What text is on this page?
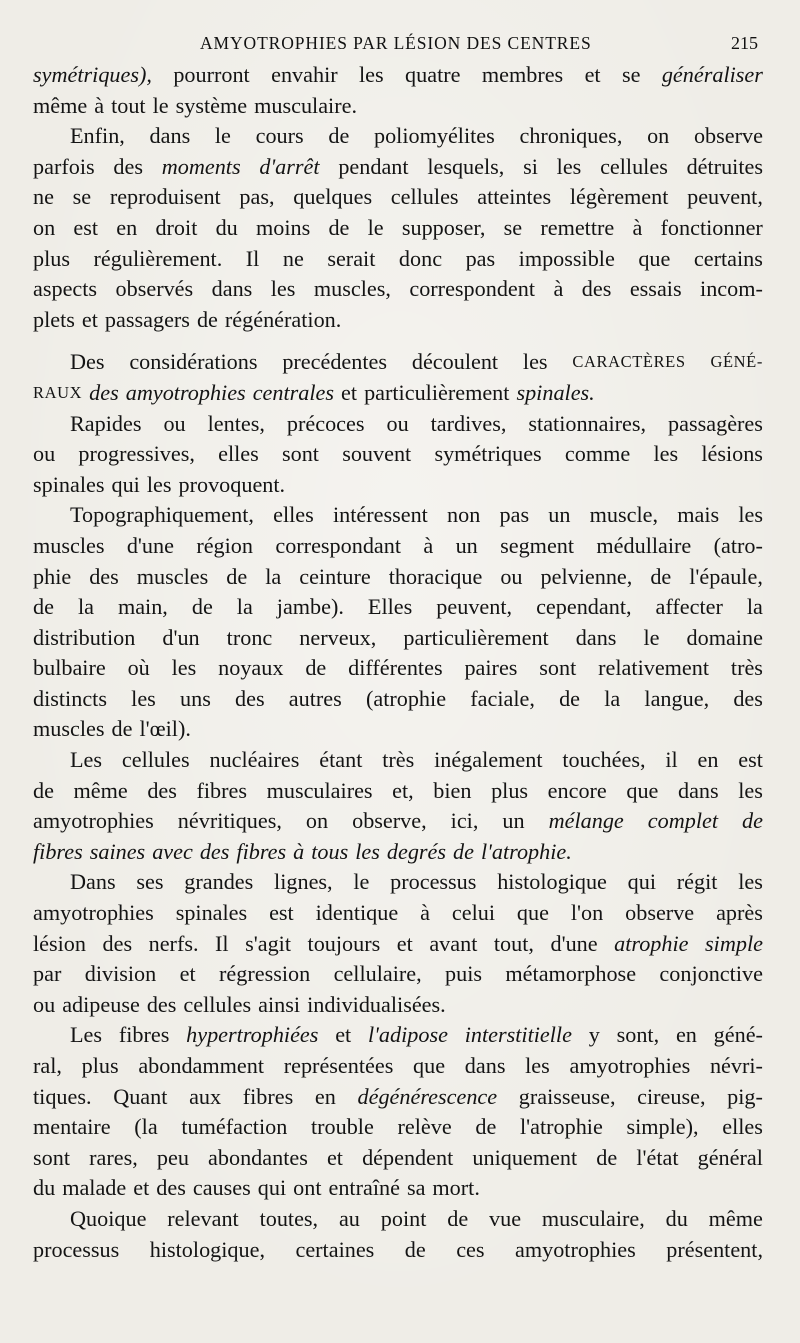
AMYOTROPHIES PAR LÉSION DES CENTRES	215
symétriques), pourront envahir les quatre membres et se généraliser
même à tout le système musculaire.
Enfin, dans le cours de poliomyélites chroniques, on observe
parfois des moments d'arrêt pendant lesquels, si les cellules détruites
ne se reproduisent pas, quelques cellules atteintes légèrement peuvent,
on est en droit du moins de le supposer, se remettre à fonctionner
plus régulièrement. Il ne serait donc pas impossible que certains
aspects observés dans les muscles, correspondent à des essais incom-
plets et passagers de régénération.
Des considérations precédentes découlent les CARACTÈRES GÉNÉ-
RAUX des amyotrophies centrales et particulièrement spinales.
Rapides ou lentes, précoces ou tardives, stationnaires, passagères
ou progressives, elles sont souvent symétriques comme les lésions
spinales qui les provoquent.
Topographiquement, elles intéressent non pas un muscle, mais les
muscles d'une région correspondant à un segment médullaire (atro-
phie des muscles de la ceinture thoracique ou pelvienne, de l'épaule,
de la main, de la jambe). Elles peuvent, cependant, affecter la
distribution d'un tronc nerveux, particulièrement dans le domaine
bulbaire où les noyaux de différentes paires sont relativement très
distincts les uns des autres (atrophie faciale, de la langue, des
muscles de l'œil).
Les cellules nucléaires étant très inégalement touchées, il en est
de même des fibres musculaires et, bien plus encore que dans les
amyotrophies névritiques, on observe, ici, un mélange complet de
fibres saines avec des fibres à tous les degrés de l'atrophie.
Dans ses grandes lignes, le processus histologique qui régit les
amyotrophies spinales est identique à celui que l'on observe après
lésion des nerfs. Il s'agit toujours et avant tout, d'une atrophie simple
par division et régression cellulaire, puis métamorphose conjonctive
ou adipeuse des cellules ainsi individualisées.
Les fibres hypertrophiées et l'adipose interstitielle y sont, en géné-
ral, plus abondamment représentées que dans les amyotrophies névri-
tiques. Quant aux fibres en dégénérescence graisseuse, cireuse, pig-
mentaire (la tuméfaction trouble relève de l'atrophie simple), elles
sont rares, peu abondantes et dépendent uniquement de l'état général
du malade et des causes qui ont entraîné sa mort.
Quoique relevant toutes, au point de vue musculaire, du même
processus histologique, certaines de ces amyotrophies présentent,
